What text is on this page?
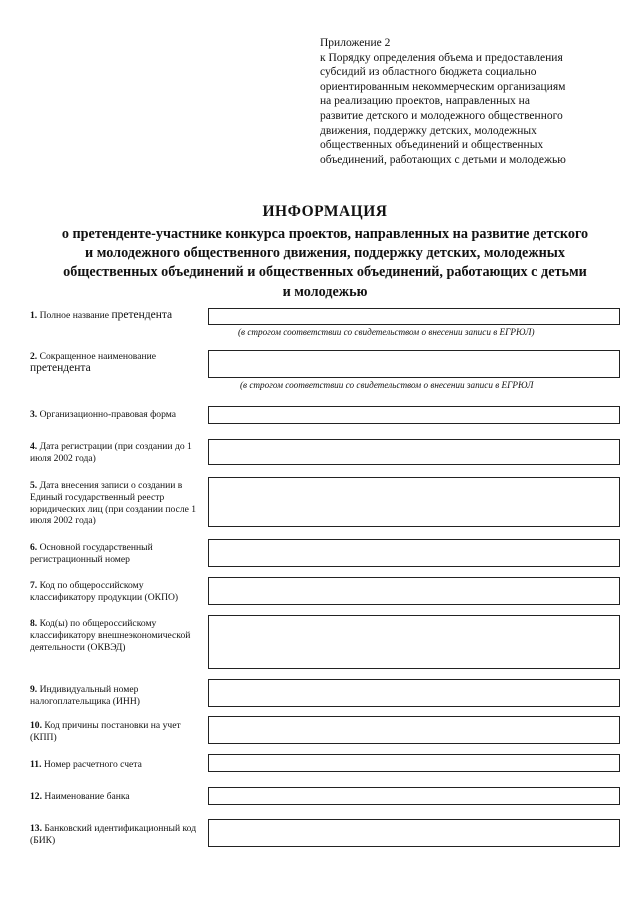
Приложение 2
к Порядку определения объема и предоставления
субсидий из областного бюджета социально
ориентированным некоммерческим организациям
на реализацию проектов, направленных на
развитие детского и молодежного общественного
движения, поддержку детских, молодежных
общественных объединений и общественных
объединений, работающих с детьми и молодежью
ИНФОРМАЦИЯ
о претенденте-участнике конкурса проектов, направленных на развитие детского
и молодежного общественного движения, поддержку детских, молодежных
общественных объединений и общественных объединений, работающих с детьми
и молодежью
1. Полное название претендента
(в строгом соответствии со свидетельством о внесении записи в ЕГРЮЛ)
2. Сокращенное наименование
претендента
(в строгом соответствии со свидетельством о внесении записи в ЕГРЮЛ
3. Организационно-правовая форма
4. Дата регистрации (при создании до 1 июля 2002 года)
5. Дата внесения записи о создании в Единый государственный реестр юридических лиц (при создании после 1 июля 2002 года)
6. Основной государственный регистрационный номер
7. Код по общероссийскому классификатору продукции (ОКПО)
8. Код(ы) по общероссийскому классификатору внешнеэкономической деятельности (ОКВЭД)
9. Индивидуальный номер налогоплательщика (ИНН)
10. Код причины постановки на учет (КПП)
11. Номер расчетного счета
12. Наименование банка
13. Банковский идентификационный код (БИК)
